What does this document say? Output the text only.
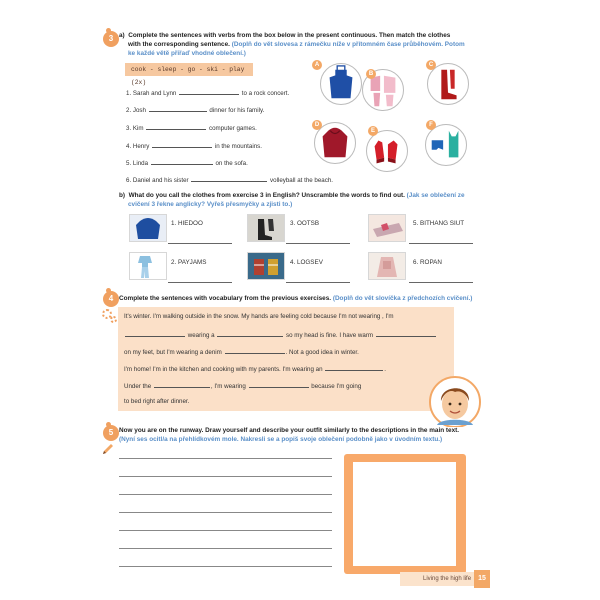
3 a) Complete the sentences with verbs from the box below in the present continuous. Then match the clothes
with the corresponding sentence. (Doplň do vět slovesa z rámečku níže v přítomném čase průběhovém. Potom
ke každé větě přiřaď vhodné oblečení.)
cook - sleep - go - ski - play (2x)
1. Sarah and Lynn	to a rock concert.
2. Josh	dinner for his family.
3. Kim	computer games.
4. Henry	in the mountains.
5. Linda	on the sofa.
6. Daniel and his sister	volleyball at the beach.
A
B
C
D
E
F
b) What do you call the clothes from exercise 3 in English? Unscramble the words to find out. (Jak se oblečení ze
cvičení 3 řekne anglicky? Vyřeš přesmyčky a zjisti to.)
1. HIEDOO	3. OOTSB	5. BITHANG SIUT
2. PAYJAMS	4. LOGSEV	6. ROPAN
4 Complete the sentences with vocabulary from the previous exercises. (Doplň do vět slovíčka z předchozích cvičení.)
It's winter. I'm walking outside in the snow. My hands are feeling cold because I'm not wearing , I'm
wearing a	so my head is fine. I have warm
on my feet, but I'm wearing a denim	. Not a good idea in winter.
I'm home! I'm in the kitchen and cooking with my parents. I'm wearing an	.
Under the	, I'm wearing	because I'm going
to bed right after dinner.
5 Now you are on the runway. Draw yourself and describe your outfit similarly to the descriptions in the main text.
(Nyní ses ocitl/a na přehlídkovém mole. Nakresli se a popiš svoje oblečení podobně jako v úvodním textu.)
Living the high life	15
